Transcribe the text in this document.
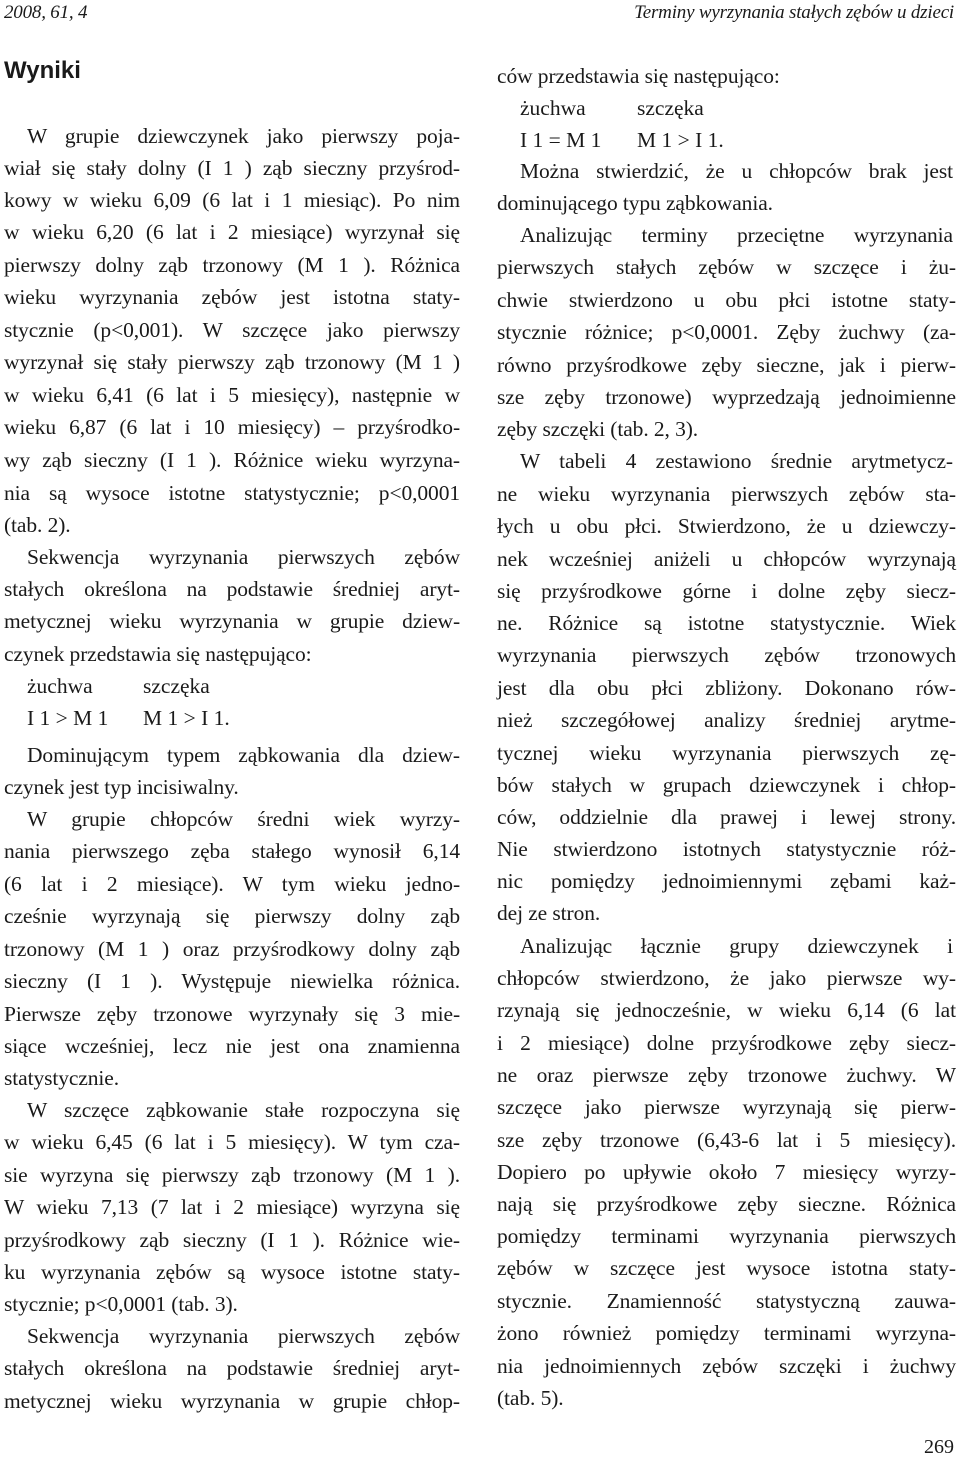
2008, 61, 4	Terminy wyrzynania stałych zębów u dzieci
Wyniki
W grupie dziewczynek jako pierwszy poja-
wiał się stały dolny (I 1 ) ząb sieczny przyśrod-
kowy w wieku 6,09 (6 lat i 1 miesiąc). Po nim
w wieku 6,20 (6 lat i 2 miesiące) wyrzynał się
pierwszy dolny ząb trzonowy (M 1 ). Różnica
wieku wyrzynania zębów jest istotna staty-
stycznie (p<0,001). W szczęce jako pierwszy
wyrzynał się stały pierwszy ząb trzonowy (M 1 )
w wieku 6,41 (6 lat i 5 miesięcy), następnie w
wieku 6,87 (6 lat i 10 miesięcy) – przyśrodko-
wy ząb sieczny (I 1 ). Różnice wieku wyrzyna-
nia są wysoce istotne statystycznie; p<0,0001
(tab. 2).
Sekwencja wyrzynania pierwszych zębów
stałych określona na podstawie średniej aryt-
metycznej wieku wyrzynania w grupie dziew-
czynek przedstawia się następująco:
Dominującym typem ząbkowania dla dziew-
czynek jest typ incisiwalny.
W grupie chłopców średni wiek wyrzy-
nania pierwszego zęba stałego wynosił 6,14
(6 lat i 2 miesiące). W tym wieku jedno-
cześnie wyrzynają się pierwszy dolny ząb
trzonowy (M 1 ) oraz przyśrodkowy dolny ząb
sieczny (I 1 ). Występuje niewielka różnica.
Pierwsze zęby trzonowe wyrzynały się 3 mie-
siące wcześniej, lecz nie jest ona znamienna
statystycznie.
W szczęce ząbkowanie stałe rozpoczyna się
w wieku 6,45 (6 lat i 5 miesięcy). W tym cza-
sie wyrzyna się pierwszy ząb trzonowy (M 1 ).
W wieku 7,13 (7 lat i 2 miesiące) wyrzyna się
przyśrodkowy ząb sieczny (I 1 ). Różnice wie-
ku wyrzynania zębów są wysoce istotne staty-
stycznie; p<0,0001 (tab. 3).
Sekwencja wyrzynania pierwszych zębów
stałych określona na podstawie średniej aryt-
metycznej wieku wyrzynania w grupie chłop-
żuchwa szczęka
I 1 > M 1 M 1 > I 1.
ców przedstawia się następująco:
Można stwierdzić, że u chłopców brak jest
dominującego typu ząbkowania.
Analizując terminy przeciętne wyrzynania
pierwszych stałych zębów w szczęce i żu-
chwie stwierdzono u obu płci istotne staty-
stycznie różnice; p<0,0001. Zęby żuchwy (za-
równo przyśrodkowe zęby sieczne, jak i pierw-
sze zęby trzonowe) wyprzedzają jednoimienne
zęby szczęki (tab. 2, 3).
W tabeli 4 zestawiono średnie arytmetycz-
ne wieku wyrzynania pierwszych zębów sta-
łych u obu płci. Stwierdzono, że u dziewczy-
nek wcześniej aniżeli u chłopców wyrzynają
się przyśrodkowe górne i dolne zęby siecz-
ne. Różnice są istotne statystycznie. Wiek
wyrzynania pierwszych zębów trzonowych
jest dla obu płci zbliżony. Dokonano rów-
nież szczegółowej analizy średniej arytme-
tycznej wieku wyrzynania pierwszych zę-
bów stałych w grupach dziewczynek i chłop-
ców, oddzielnie dla prawej i lewej strony.
Nie stwierdzono istotnych statystycznie róż-
nic pomiędzy jednoimiennymi zębami każ-
dej ze stron.
Analizując łącznie grupy dziewczynek i
chłopców stwierdzono, że jako pierwsze wy-
rzynają się jednocześnie, w wieku 6,14 (6 lat
i 2 miesiące) dolne przyśrodkowe zęby siecz-
ne oraz pierwsze zęby trzonowe żuchwy. W
szczęce jako pierwsze wyrzynają się pierw-
sze zęby trzonowe (6,43-6 lat i 5 miesięcy).
Dopiero po upływie około 7 miesięcy wyrzy-
nają się przyśrodkowe zęby sieczne. Różnica
pomiędzy terminami wyrzynania pierwszych
zębów w szczęce jest wysoce istotna staty-
stycznie. Znamienność statystyczną zauwa-
żono również pomiędzy terminami wyrzyna-
nia jednoimiennych zębów szczęki i żuchwy
(tab. 5).
żuchwa szczęka
I 1 = M 1 M 1 > I 1.
269
